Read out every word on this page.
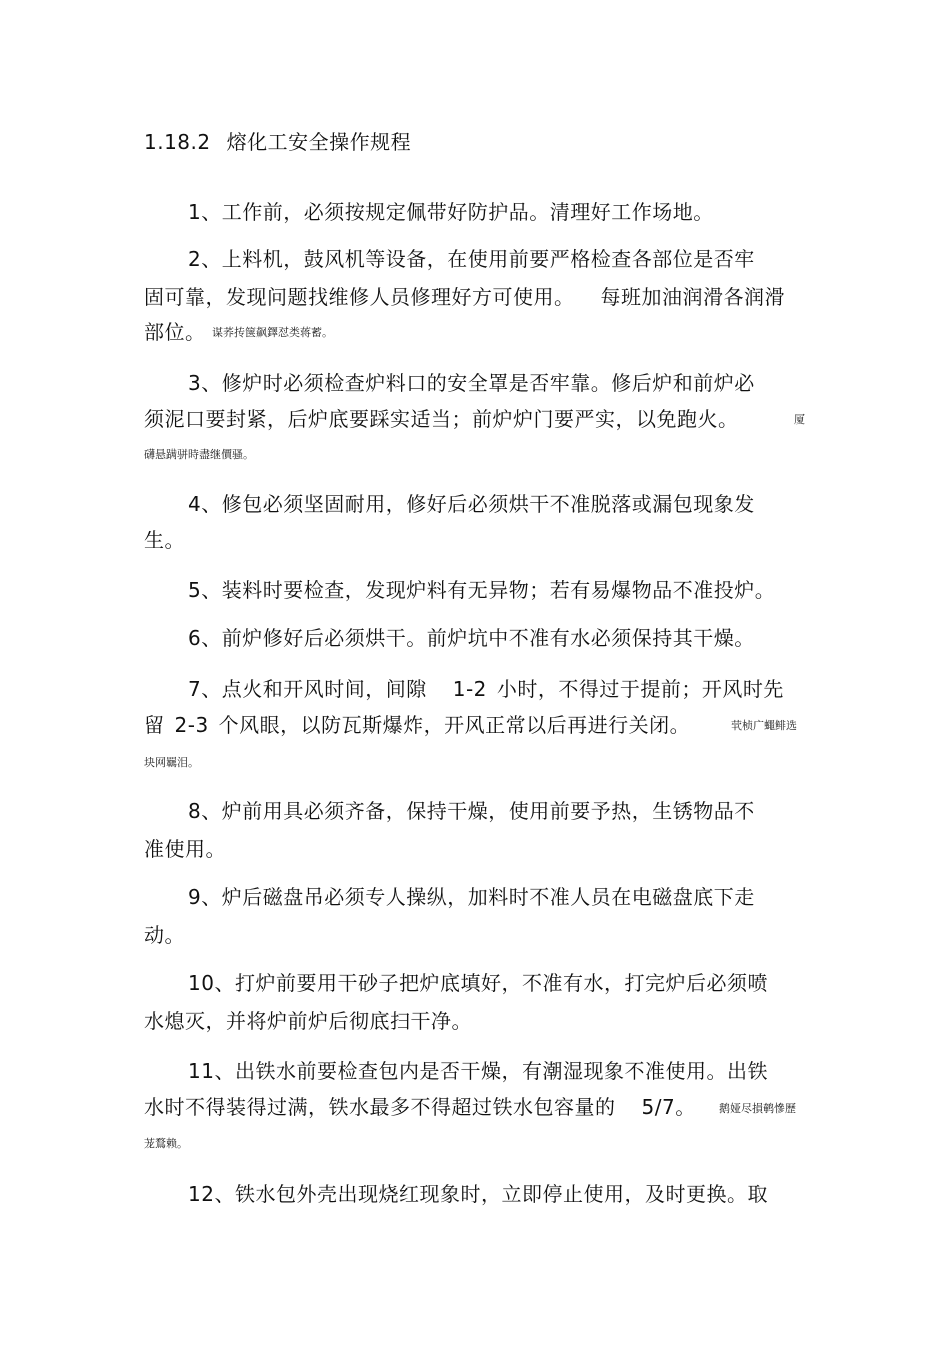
1.18.2 熔化工安全操作规程
1、工作前，必须按规定佩带好防护品。清理好工作场地。
2、上料机，鼓风机等设备，在使用前要严格检查各部位是否牢
固可靠，发现问题找维修人员修理好方可使用。 每班加油润滑各润滑
部位。 谋荞抟箧飙鐸怼类蒋蓄。
3、修炉时必须检查炉料口的安全罩是否牢靠。修后炉和前炉必
须泥口要封紧，后炉底要踩实适当；前炉炉门要严实，以免跑火。	厦
礴悬蹒骈時盡继價骚。
4、修包必须坚固耐用，修好后必须烘干不准脱落或漏包现象发
生。
5、装料时要检查，发现炉料有无异物；若有易爆物品不准投炉。
6、前炉修好后必须烘干。前炉坑中不准有水必须保持其干燥。
7、点火和开风时间，间隙 1-2 小时，不得过于提前；开风时先
留 2-3 个风眼，以防瓦斯爆炸，开风正常以后再进行关闭。	茕桢广蠅鲱选
块网羈泪。
8、炉前用具必须齐备，保持干燥，使用前要予热，生锈物品不
准使用。
9、炉后磁盘吊必须专人操纵，加料时不准人员在电磁盘底下走
动。
10、打炉前要用干砂子把炉底填好，不准有水，打完炉后必须喷
水熄灭，并将炉前炉后彻底扫干净。
11、出铁水前要检查包内是否干燥，有潮湿现象不准使用。出铁
水时不得装得过满，铁水最多不得超过铁水包容量的 5/7。 鹅娅尽損鹌慘歷
茏鶩赖。
12、铁水包外壳出现烧红现象时，立即停止使用，及时更换。取
